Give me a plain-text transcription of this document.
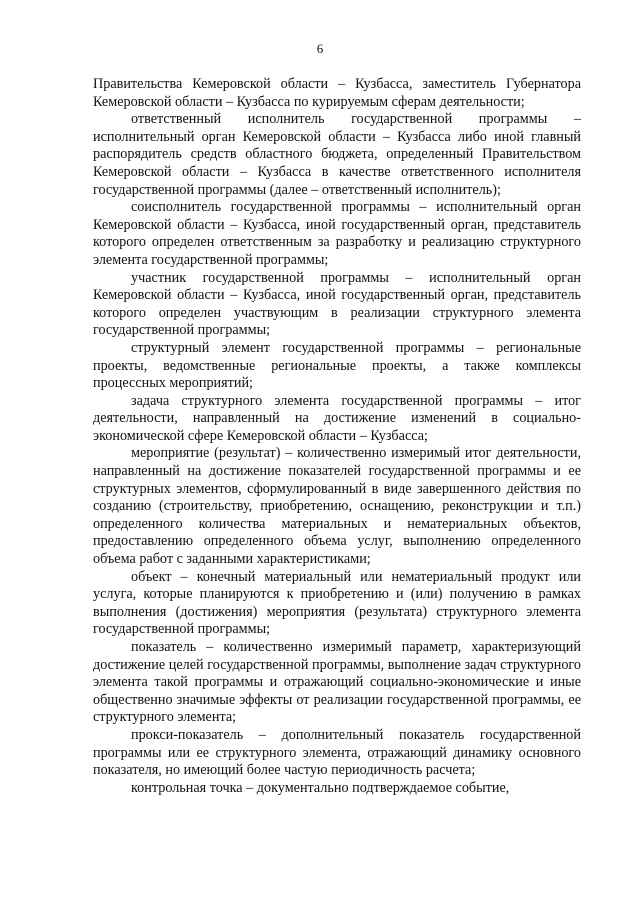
6

Правительства Кемеровской области – Кузбасса, заместитель Губернатора Кемеровской области – Кузбасса по курируемым сферам деятельности;

ответственный исполнитель государственной программы – исполнительный орган Кемеровской области – Кузбасса либо иной главный распорядитель средств областного бюджета, определенный Правительством Кемеровской области – Кузбасса в качестве ответственного исполнителя государственной программы (далее – ответственный исполнитель);

соисполнитель государственной программы – исполнительный орган Кемеровской области – Кузбасса, иной государственный орган, представитель которого определен ответственным за разработку и реализацию структурного элемента государственной программы;

участник государственной программы – исполнительный орган Кемеровской области – Кузбасса, иной государственный орган, представитель которого определен участвующим в реализации структурного элемента государственной программы;

структурный элемент государственной программы – региональные проекты, ведомственные региональные проекты, а также комплексы процессных мероприятий;

задача структурного элемента государственной программы – итог деятельности, направленный на достижение изменений в социально-экономической сфере Кемеровской области – Кузбасса;

мероприятие (результат) – количественно измеримый итог деятельности, направленный на достижение показателей государственной программы и ее структурных элементов, сформулированный в виде завершенного действия по созданию (строительству, приобретению, оснащению, реконструкции и т.п.) определенного количества материальных и нематериальных объектов, предоставлению определенного объема услуг, выполнению определенного объема работ с заданными характеристиками;

объект – конечный материальный или нематериальный продукт или услуга, которые планируются к приобретению и (или) получению в рамках выполнения (достижения) мероприятия (результата) структурного элемента государственной программы;

показатель – количественно измеримый параметр, характеризующий достижение целей государственной программы, выполнение задач структурного элемента такой программы и отражающий социально-экономические и иные общественно значимые эффекты от реализации государственной программы, ее структурного элемента;

прокси-показатель – дополнительный показатель государственной программы или ее структурного элемента, отражающий динамику основного показателя, но имеющий более частую периодичность расчета;

контрольная точка – документально подтверждаемое событие,
